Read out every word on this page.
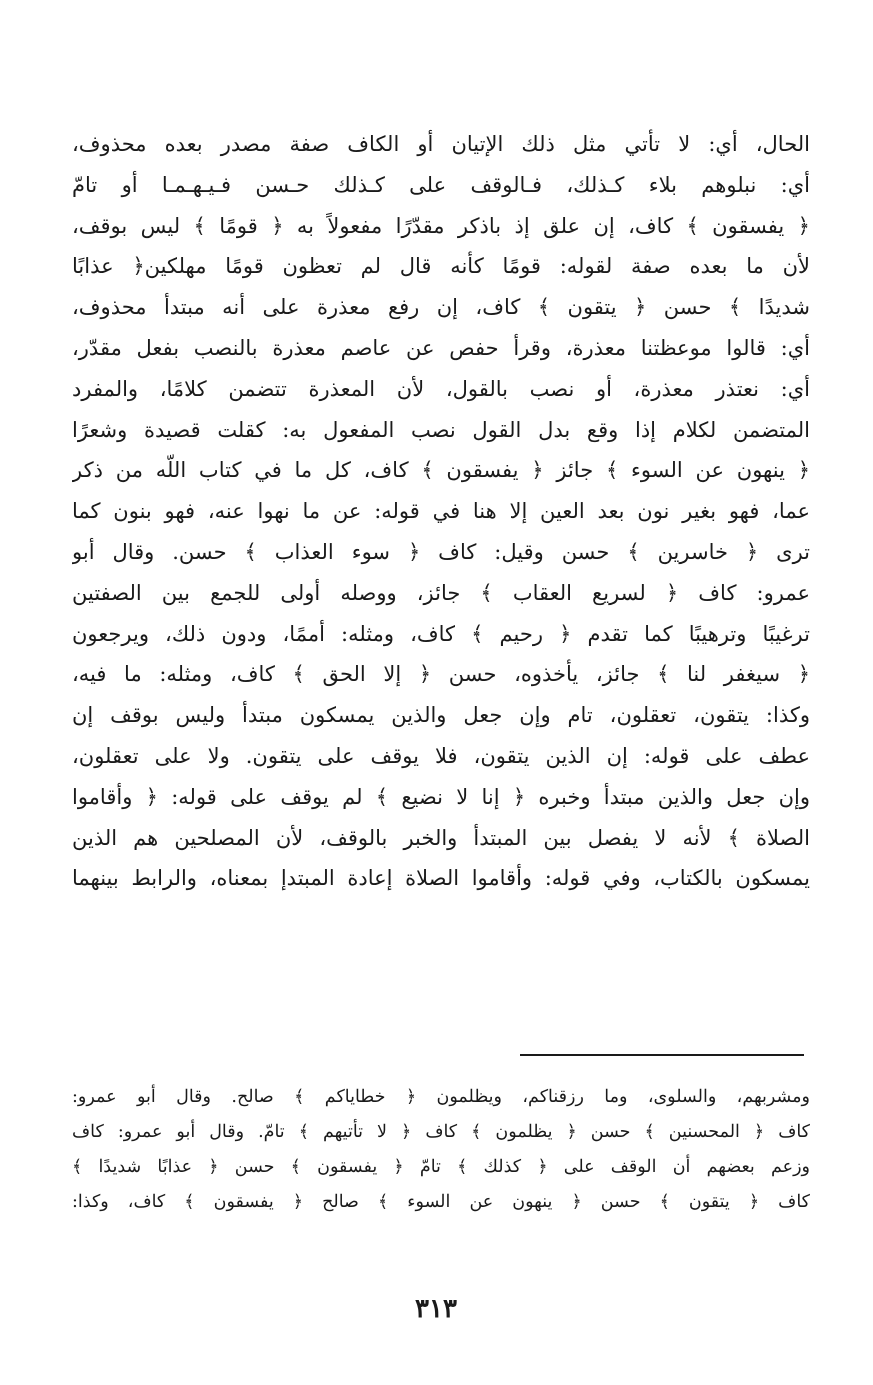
الحال، أي: لا تأتي مثل ذلك الإتيان أو الكاف صفة مصدر بعده محذوف،
أي: نبلوهم بلاء كـذلك، فـالوقف على كـذلك حـسن فـيـهـمـا أو تامّ
﴿ يفسقون ﴾ كاف، إن علق إذ باذكر مقدّرًا مفعولاً به ﴿ قومًا ﴾ ليس بوقف،
لأن ما بعده صفة لقوله: قومًا كأنه قال لم تعظون قومًا مهلكين﴿ عذابًا
شديدًا ﴾ حسن ﴿ يتقون ﴾ كاف، إن رفع معذرة على أنه مبتدأ محذوف،
أي: قالوا موعظتنا معذرة، وقرأ حفص عن عاصم معذرة بالنصب بفعل مقدّر،
أي: نعتذر معذرة، أو نصب بالقول، لأن المعذرة تتضمن كلامًا، والمفرد
المتضمن لكلام إذا وقع بدل القول نصب المفعول به: كقلت قصيدة وشعرًا
﴿ ينهون عن السوء ﴾ جائز ﴿ يفسقون ﴾ كاف، كل ما في كتاب اللّه من ذكر
عما، فهو بغير نون بعد العين إلا هنا في قوله: عن ما نهوا عنه، فهو بنون كما
ترى ﴿ خاسرين ﴾ حسن وقيل: كاف ﴿ سوء العذاب ﴾ حسن. وقال أبو
عمرو: كاف ﴿ لسريع العقاب ﴾ جائز، ووصله أولى للجمع بين الصفتين
ترغيبًا وترهيبًا كما تقدم ﴿ رحيم ﴾ كاف، ومثله: أممًا، ودون ذلك، ويرجعون
﴿ سيغفر لنا ﴾ جائز، يأخذوه، حسن ﴿ إلا الحق ﴾ كاف، ومثله: ما فيه،
وكذا: يتقون، تعقلون، تام وإن جعل والذين يمسكون مبتدأ وليس بوقف إن
عطف على قوله: إن الذين يتقون، فلا يوقف على يتقون. ولا على تعقلون،
وإن جعل والذين مبتدأ وخبره ﴿ إنا لا نضيع ﴾ لم يوقف على قوله: ﴿ وأقاموا
الصلاة ﴾ لأنه لا يفصل بين المبتدأ والخبر بالوقف، لأن المصلحين هم الذين
يمسكون بالكتاب، وفي قوله: وأقاموا الصلاة إعادة المبتدإ بمعناه، والرابط بينهما
ومشربهم، والسلوى، وما رزقناكم، ويظلمون ﴿ خطاياكم ﴾ صالح. وقال أبو عمرو:
كاف ﴿ المحسنين ﴾ حسن ﴿ يظلمون ﴾ كاف ﴿ لا تأتيهم ﴾ تامّ. وقال أبو عمرو: كاف
وزعم بعضهم أن الوقف على ﴿ كذلك ﴾ تامّ ﴿ يفسقون ﴾ حسن ﴿ عذابًا شديدًا ﴾
كاف ﴿ يتقون ﴾ حسن ﴿ ينهون عن السوء ﴾ صالح ﴿ يفسقون ﴾ كاف، وكذا:
٣١٣
